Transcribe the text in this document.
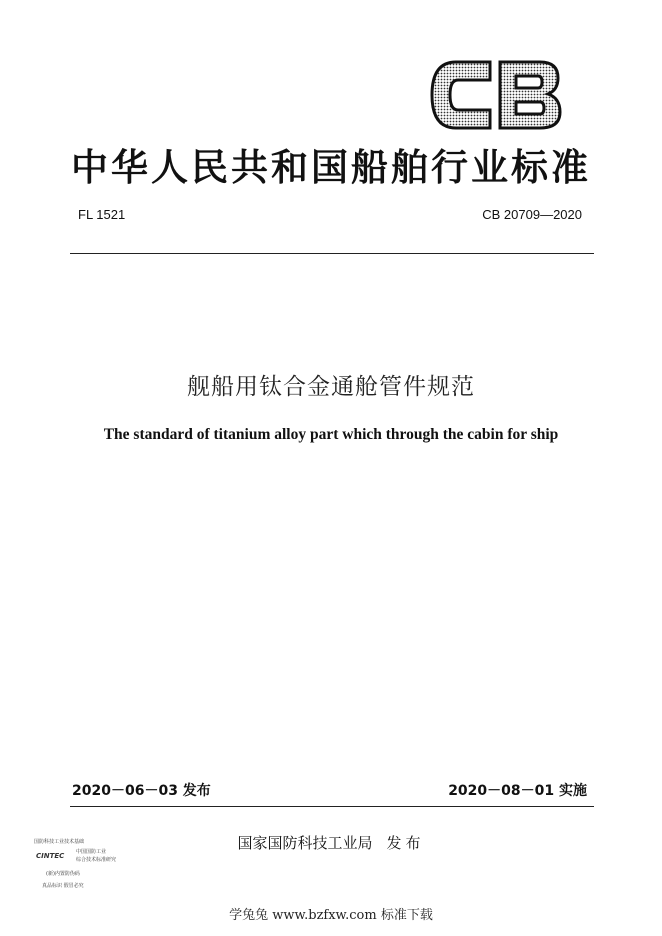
中华人民共和国船舶行业标准
FL 1521	CB 20709—2020
舰船用钛合金通舱管件规范
The standard of titanium alloy part which through the cabin for ship
2020－06－03 发布	2020－08－01 实施
国防科技工业技术基础
CINTEC 中国国防工业
综合技术标准研究
(新)内置防伪码
真品标识 假冒必究
国家国防科技工业局 发布
学兔兔 www.bzfxw.com 标准下载
